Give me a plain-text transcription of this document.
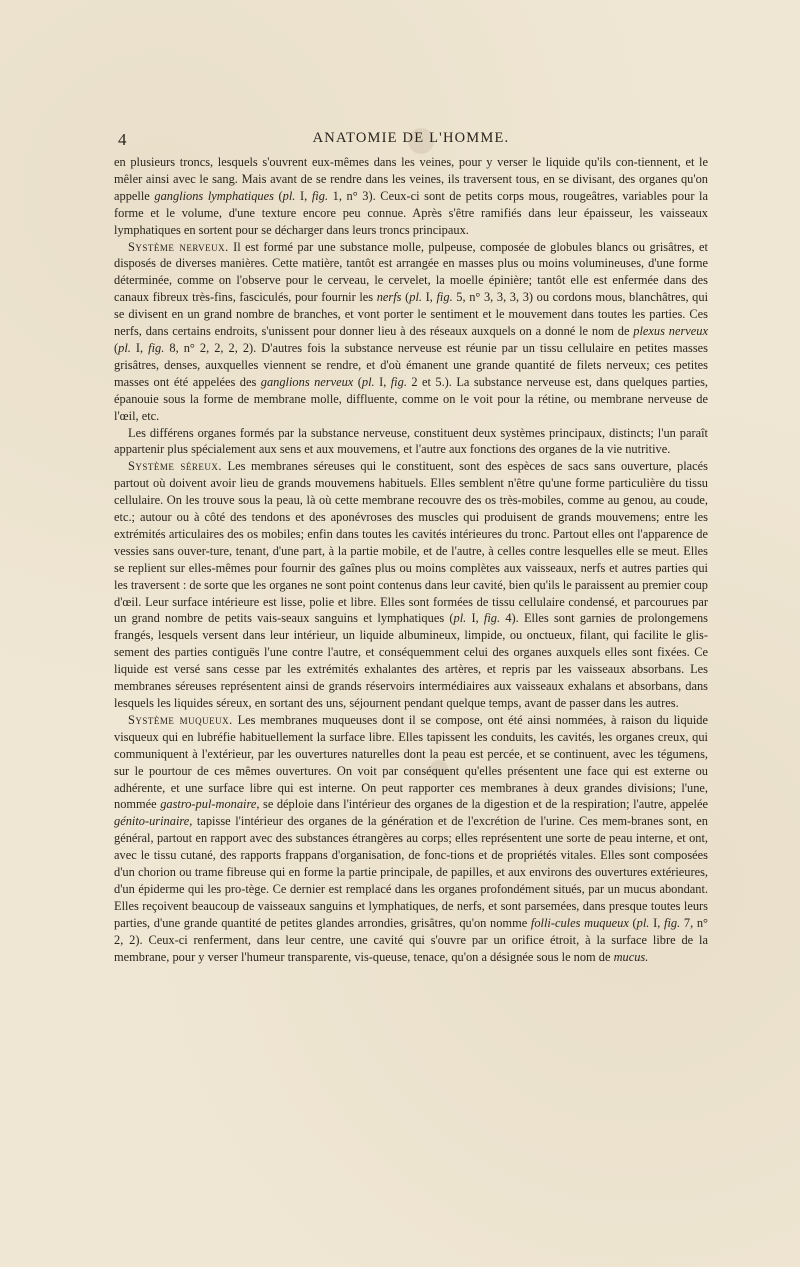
4	ANATOMIE DE L'HOMME.

en plusieurs troncs, lesquels s'ouvrent eux-mêmes dans les veines, pour y verser le liquide qu'ils con-tiennent, et le mêler ainsi avec le sang. Mais avant de se rendre dans les veines, ils traversent tous, en se divisant, des organes qu'on appelle ganglions lymphatiques (pl. I, fig. 1, n° 3). Ceux-ci sont de petits corps mous, rougeâtres, variables pour la forme et le volume, d'une texture encore peu connue. Après s'être ramifiés dans leur épaisseur, les vaisseaux lymphatiques en sortent pour se décharger dans leurs troncs principaux.

Système nerveux. Il est formé par une substance molle, pulpeuse, composée de globules blancs ou grisâtres, et disposés de diverses manières. Cette matière, tantôt est arrangée en masses plus ou moins volumineuses, d'une forme déterminée, comme on l'observe pour le cerveau, le cervelet, la moelle épinière; tantôt elle est enfermée dans des canaux fibreux très-fins, fasciculés, pour fournir les nerfs (pl. I, fig. 5, n° 3, 3, 3, 3) ou cordons mous, blanchâtres, qui se divisent en un grand nombre de branches, et vont porter le sentiment et le mouvement dans toutes les parties. Ces nerfs, dans certains endroits, s'unissent pour donner lieu à des réseaux auxquels on a donné le nom de plexus nerveux (pl. I, fig. 8, n° 2, 2, 2, 2). D'autres fois la substance nerveuse est réunie par un tissu cellulaire en petites masses grisâtres, denses, auxquelles viennent se rendre, et d'où émanent une grande quantité de filets nerveux; ces petites masses ont été appelées des ganglions nerveux (pl. I, fig. 2 et 5.). La substance nerveuse est, dans quelques parties, épanouie sous la forme de membrane molle, diffluente, comme on le voit pour la rétine, ou membrane nerveuse de l'œil, etc.

Les différens organes formés par la substance nerveuse, constituent deux systèmes principaux, distincts; l'un paraît appartenir plus spécialement aux sens et aux mouvemens, et l'autre aux fonctions des organes de la vie nutritive.

Système séreux. Les membranes séreuses qui le constituent, sont des espèces de sacs sans ouverture, placés partout où doivent avoir lieu de grands mouvemens habituels. Elles semblent n'être qu'une forme particulière du tissu cellulaire. On les trouve sous la peau, là où cette membrane recouvre des os très-mobiles, comme au genou, au coude, etc.; autour ou à côté des tendons et des aponévroses des muscles qui produisent de grands mouvemens; entre les extrémités articulaires des os mobiles; enfin dans toutes les cavités intérieures du tronc. Partout elles ont l'apparence de vessies sans ouver-ture, tenant, d'une part, à la partie mobile, et de l'autre, à celles contre lesquelles elle se meut. Elles se replient sur elles-mêmes pour fournir des gaînes plus ou moins complètes aux vaisseaux, nerfs et autres parties qui les traversent : de sorte que les organes ne sont point contenus dans leur cavité, bien qu'ils le paraissent au premier coup d'œil. Leur surface intérieure est lisse, polie et libre. Elles sont formées de tissu cellulaire condensé, et parcourues par un grand nombre de petits vais-seaux sanguins et lymphatiques (pl. I, fig. 4). Elles sont garnies de prolongemens frangés, lesquels versent dans leur intérieur, un liquide albumineux, limpide, ou onctueux, filant, qui facilite le glis-sement des parties contiguës l'une contre l'autre, et conséquemment celui des organes auxquels elles sont fixées. Ce liquide est versé sans cesse par les extrémités exhalantes des artères, et repris par les vaisseaux absorbans. Les membranes séreuses représentent ainsi de grands réservoirs intermédiaires aux vaisseaux exhalans et absorbans, dans lesquels les liquides séreux, en sortant des uns, séjournent pendant quelque temps, avant de passer dans les autres.

Système muqueux. Les membranes muqueuses dont il se compose, ont été ainsi nommées, à raison du liquide visqueux qui en lubréfie habituellement la surface libre. Elles tapissent les conduits, les cavités, les organes creux, qui communiquent à l'extérieur, par les ouvertures naturelles dont la peau est percée, et se continuent, avec les tégumens, sur le pourtour de ces mêmes ouvertures. On voit par conséquent qu'elles présentent une face qui est externe ou adhérente, et une surface libre qui est interne. On peut rapporter ces membranes à deux grandes divisions; l'une, nommée gastro-pul-monaire, se déploie dans l'intérieur des organes de la digestion et de la respiration; l'autre, appelée génito-urinaire, tapisse l'intérieur des organes de la génération et de l'excrétion de l'urine. Ces mem-branes sont, en général, partout en rapport avec des substances étrangères au corps; elles représentent une sorte de peau interne, et ont, avec le tissu cutané, des rapports frappans d'organisation, de fonc-tions et de propriétés vitales. Elles sont composées d'un chorion ou trame fibreuse qui en forme la partie principale, de papilles, et aux environs des ouvertures extérieures, d'un épiderme qui les pro-tège. Ce dernier est remplacé dans les organes profondément situés, par un mucus abondant. Elles reçoivent beaucoup de vaisseaux sanguins et lymphatiques, de nerfs, et sont parsemées, dans presque toutes leurs parties, d'une grande quantité de petites glandes arrondies, grisâtres, qu'on nomme folli-cules muqueux (pl. I, fig. 7, n° 2, 2). Ceux-ci renferment, dans leur centre, une cavité qui s'ouvre par un orifice étroit, à la surface libre de la membrane, pour y verser l'humeur transparente, vis-queuse, tenace, qu'on a désignée sous le nom de mucus.
